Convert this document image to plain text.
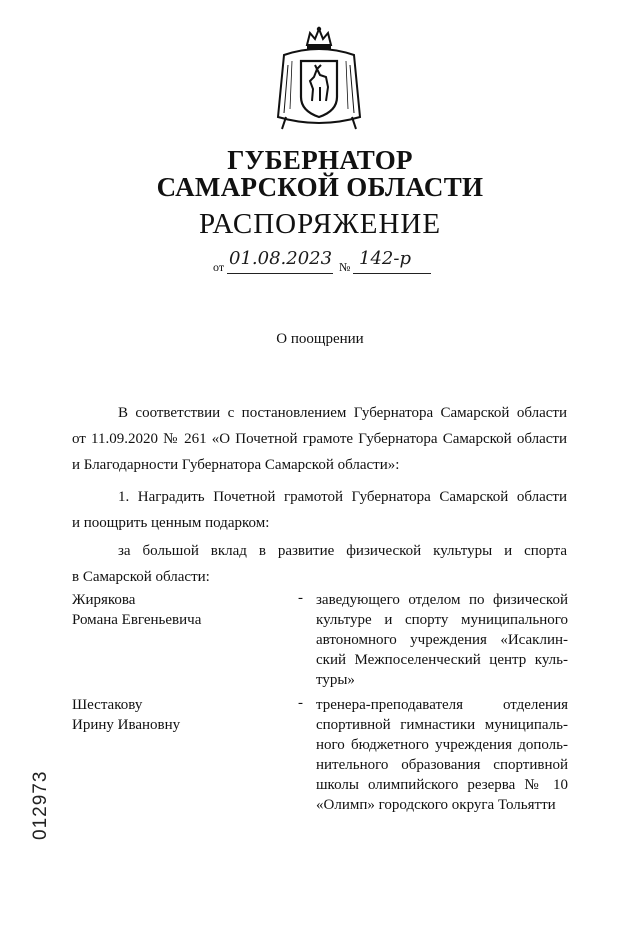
ГУБЕРНАТОР
САМАРСКОЙ ОБЛАСТИ
РАСПОРЯЖЕНИЕ
от 01.08.2023 № 142-р
О поощрении
В соответствии с постановлением Губернатора Самарской области
от 11.09.2020 № 261 «О Почетной грамоте Губернатора Самарской области
и Благодарности Губернатора Самарской области»:
1. Наградить Почетной грамотой Губернатора Самарской области
и поощрить ценным подарком:
за большой вклад в развитие физической культуры и спорта
в Самарской области:
Жирякова
Романа Евгеньевича
- заведующего отделом по физической
культуре и спорту муниципального
автономного учреждения «Исаклин-
ский Межпоселенческий центр куль-
туры»
Шестакову
Ирину Ивановну
- тренера-преподавателя отделения
спортивной гимнастики муниципаль-
ного бюджетного учреждения дополь-
нительного образования спортивной
школы олимпийского резерва № 10
«Олимп» городского округа Тольятти
012973
